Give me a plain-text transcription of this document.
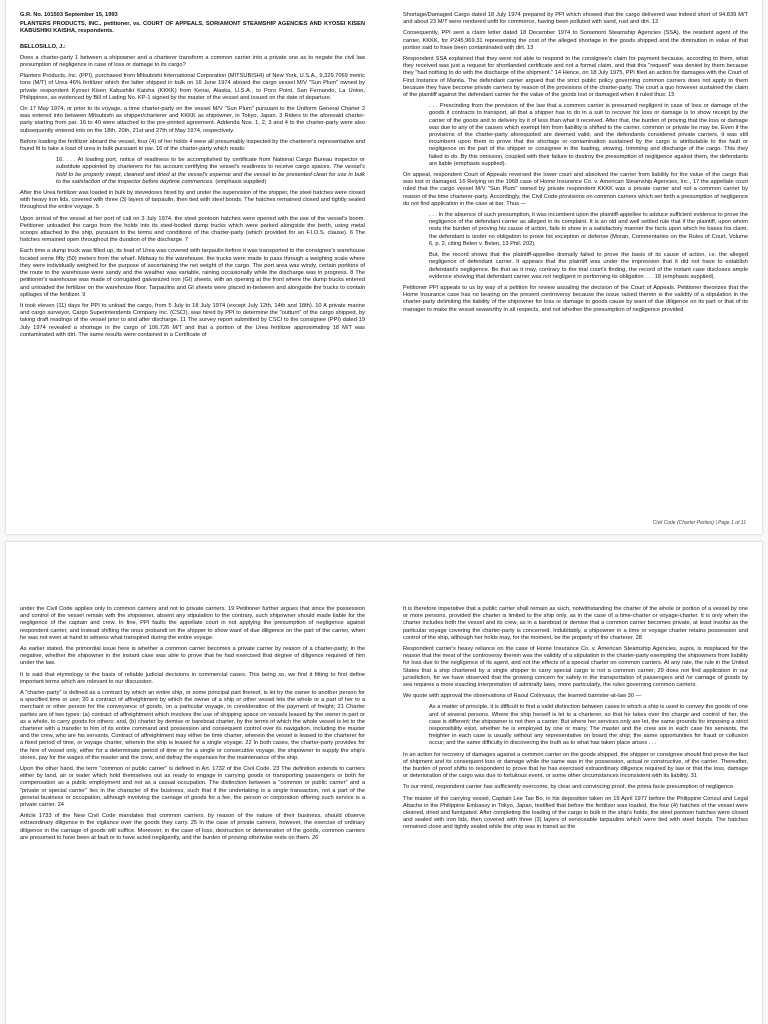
G.R. No. 101503 September 15, 1993

PLANTERS PRODUCTS, INC., petitioner, vs. COURT OF APPEALS, SORIAMONT STEAMSHIP AGENCIES AND KYOSEI KISEN KABUSHIKI KAISHA, respondents.

BELLOSILLO, J.:

Does a charter-party 1 between a shipowner and a charterer transform a common carrier into a private one as to negate the civil law presumption of negligence in case of loss or damage to its cargo?

Planters Products, Inc. (PPI), purchased from Mitsubishi International Corporation (MITSUBISHI) of New York, U.S.A., 9,329.7069 metric tons (M/T) of Urea 46% fertilizer which the latter shipped in bulk on 16 June 1974 aboard the cargo vessel M/V "Sun Plum" owned by private respondent Kyosei Kisen Kabushiki Kaisha (KKKK) from Kenai, Alaska, U.S.A., to Poro Point, San Fernando, La Union, Philippines, as evidenced by Bill of Lading No. KP-1 signed by the master of the vessel and issued on the date of departure.

On 17 May 1974, or prior to its voyage, a time charter-party on the vessel M/V "Sun Plum" pursuant to the Uniform General Charter 2 was entered into between Mitsubishi as shipper/charterer and KKKK as shipowner, in Tokyo, Japan. 3 Riders to the aforesaid charter-party starting from par. 16 to 40 were attached to the pre-printed agreement. Addenda Nos. 1, 2, 3 and 4 to the charter-party were also subsequently entered into on the 18th, 20th, 21st and 27th of May 1974, respectively.

Before loading the fertilizer aboard the vessel, four (4) of her holds 4 were all presumably inspected by the charterer's representative and found fit to take a load of urea in bulk pursuant to par. 16 of the charter-party which reads:

16. . . . At loading port, notice of readiness to be accomplished by certificate from National Cargo Bureau inspector or substitute appointed by charterers for his account certifying the vessel's readiness to receive cargo spaces. The vessel's hold to be properly swept, cleaned and dried at the vessel's expense and the vessel to be presented clean for use in bulk to the satisfaction of the inspector before daytime commences. (emphasis supplied)

After the Urea fertilizer was loaded in bulk by stevedores hired by and under the supervision of the shipper, the steel hatches were closed with heavy iron lids, covered with three (3) layers of tarpaulin, then tied with steel bonds. The hatches remained closed and tightly sealed throughout the entire voyage. 5

Upon arrival of the vessel at her port of call on 3 July 1974, the steel pontoon hatches were opened with the use of the vessel's boom. Petitioner unloaded the cargo from the holds into its steel-bodied dump trucks which were parked alongside the berth, using metal scoops attached to the ship, pursuant to the terms and conditions of the charter-party (which provided for an F.I.O.S. clause). 6 The hatches remained open throughout the duration of the discharge. 7

Each time a dump truck was filled up, its load of Urea was covered with tarpaulin before it was transported to the consignee's warehouse located some fifty (50) meters from the wharf. Midway to the warehouse, the trucks were made to pass through a weighing scale where they were individually weighed for the purpose of ascertaining the net weight of the cargo. The port area was windy, certain portions of the route to the warehouse were sandy and the weather was variable, raining occasionally while the discharge was in progress. 8 The petitioner's warehouse was made of corrugated galvanized iron (GI) sheets, with an opening at the front where the dump trucks entered and unloaded the fertilizer on the warehouse floor. Tarpaulins and GI sheets were placed in-between and alongside the trucks to contain spillages of the fertilizer. 9

It took eleven (11) days for PPI to unload the cargo, from 5 July to 18 July 1974 (except July 12th, 14th and 18th). 10 A private marine and cargo surveyor, Cargo Superintendents Company Inc. (CSCI), was hired by PPI to determine the "outturn" of the cargo shipped, by taking draft readings of the vessel prior to and after discharge. 11 The survey report submitted by CSCI to the consignee (PPI) dated 19 July 1974 revealed a shortage in the cargo of 106.726 M/T and that a portion of the Urea fertilizer approximating 18 M/T was contaminated with dirt. The same results were contained in a Certificate of

Shortage/Damaged Cargo dated 18 July 1974 prepared by PPI which showed that the cargo delivered was indeed short of 94.839 M/T and about 23 M/T were rendered unfit for commerce, having been polluted with sand, rust and dirt. 12

Consequently, PPI sent a claim letter dated 18 December 1974 to Soriamont Steamship Agencies (SSA), the resident agent of the carrier, KKKK, for P245,969.31 representing the cost of the alleged shortage in the goods shipped and the diminution in value of that portion said to have been contaminated with dirt. 13

Respondent SSA explained that they were not able to respond to the consignee's claim for payment because, according to them, what they received was just a request for shortlanded certificate and not a formal claim, and that this "request" was denied by them because they "had nothing to do with the discharge of the shipment." 14 Hence, on 18 July 1975, PPI filed an action for damages with the Court of First Instance of Manila. The defendant carrier argued that the strict public policy governing common carriers does not apply to them because they have become private carriers by reason of the provisions of the charter-party. The court a quo however sustained the claim of the plaintiff against the defendant carrier for the value of the goods lost or damaged when it ruled thus: 15

. . . Prescinding from the provision of the law that a common carrier is presumed negligent in case of loss or damage of the goods it contracts to transport, all that a shipper has to do in a suit to recover for loss or damage is to show receipt by the carrier of the goods and to delivery by it of less than what it received. After that, the burden of proving that the loss or damage was due to any of the causes which exempt him from liability is shifted to the carrier, common or private he may be. Even if the provisions of the charter-party aforequoted are deemed valid, and the defendants considered private carriers, it was still incumbent upon them to prove that the shortage or contamination sustained by the cargo is attributable to the fault or negligence on the part of the shipper or consignee in the loading, stowing, trimming and discharge of the cargo. This they failed to do. By this omission, coupled with their failure to destroy the presumption of negligence against them, the defendants are liable (emphasis supplied).

On appeal, respondent Court of Appeals reversed the lower court and absolved the carrier from liability for the value of the cargo that was lost or damaged. 16 Relying on the 1968 case of Home Insurance Co. v. American Steamship Agencies, Inc., 17 the appellate court ruled that the cargo vessel M/V "Sun Plum" owned by private respondent KKKK was a private carrier and not a common carrier by reason of the time charterer-party. Accordingly, the Civil Code provisions on common carriers which set forth a presumption of negligence do not find application in the case at bar. Thus —

. . . In the absence of such presumption, it was incumbent upon the plaintiff-appellee to adduce sufficient evidence to prove the negligence of the defendant carrier as alleged in its complaint. It is an old and well settled rule that if the plaintiff, upon whom rests the burden of proving his cause of action, fails to show in a satisfactory manner the facts upon which he bases his claim, the defendant is under no obligation to prove his exception or defense (Moran, Commentaries on the Rules of Court, Volume 6, p. 2, citing Belen v. Belen, 13 Phil. 202).

But, the record shows that the plaintiff-appellee dismally failed to prove the basis of its cause of action, i.e. the alleged negligence of defendant carrier. It appears that the plaintiff was under the impression that it did not have to establish defendant's negligence. Be that as it may, contrary to the trial court's finding, the record of the instant case discloses ample evidence showing that defendant carrier was not negligent in performing its obligation . . . 18 (emphasis supplied).

Petitioner PPI appeals to us by way of a petition for review assailing the decision of the Court of Appeals. Petitioner theorizes that the Home Insurance case has no bearing on the present controversy because the issue raised therein is the validity of a stipulation in the charter-party delimiting the liability of the shipowner for loss or damage to goods cause by want of due diligence on its part or that of its manager to make the vessel seaworthy in all respects, and not whether the presumption of negligence provided

Civil Code (Charter Parties) | Page 1 of 11

under the Civil Code applies only to common carriers and not to private carriers. 19 Petitioner further argues that since the possession and control of the vessel remain with the shipowner, absent any stipulation to the contrary, such shipowner should made liable for the negligence of the captain and crew. In fine, PPI faults the appellate court in not applying the presumption of negligence against respondent carrier, and instead shifting the onus probandi on the shipper to show want of due diligence on the part of the carrier, when he was not even at hand to witness what transpired during the entire voyage.

As earlier stated, the primordial issue here is whether a common carrier becomes a private carrier by reason of a charter-party; in the negative, whether the shipowner in the instant case was able to prove that he had exercised that degree of diligence required of him under the law.

It is said that etymology is the basis of reliable judicial decisions in commercial cases. This being so, we find it fitting to first define important terms which are relevant to our discussion.

A "charter-party" is defined as a contract by which an entire ship, or some principal part thereof, is let by the owner to another person for a specified time or use; 20 a contract of affreightment by which the owner of a ship or other vessel lets the whole or a part of her to a merchant or other person for the conveyance of goods, on a particular voyage, in consideration of the payment of freight; 21 Charter parties are of two types: (a) contract of affreightment which involves the use of shipping space on vessels leased by the owner in part or as a whole, to carry goods for others; and, (b) charter by demise or bareboat charter, by the terms of which the whole vessel is let to the charterer with a transfer to him of its entire command and possession and consequent control over its navigation, including the master and the crew, who are his servants. Contract of affreightment may either be time charter, wherein the vessel is leased to the charterer for a fixed period of time, or voyage charter, wherein the ship is leased for a single voyage. 22 In both cases, the charter-party provides for the hire of vessel only, either for a determinate period of time or for a single or consecutive voyage, the shipowner to supply the ship's stores, pay for the wages of the master and the crew, and defray the expenses for the maintenance of the ship.

Upon the other hand, the term "common or public carrier" is defined in Art. 1732 of the Civil Code. 23 The definition extends to carriers either by land, air or water which hold themselves out as ready to engage in carrying goods or transporting passengers or both for compensation as a public employment and not as a casual occupation. The distinction between a "common or public carrier" and a "private or special carrier" lies in the character of the business, such that if the undertaking is a single transaction, not a part of the general business or occupation, although involving the carriage of goods for a fee, the person or corporation offering such service is a private carrier. 24

Article 1733 of the New Civil Code mandates that common carriers, by reason of the nature of their business, should observe extraordinary diligence in the vigilance over the goods they carry. 25 In the case of private carriers, however, the exercise of ordinary diligence in the carriage of goods will suffice. Moreover, in the case of loss, destruction or deterioration of the goods, common carriers are presumed to have been at fault or to have acted negligently, and the burden of proving otherwise rests on them. 26

It is therefore imperative that a public carrier shall remain as such, notwithstanding the charter of the whole or portion of a vessel by one or more persons, provided the charter is limited to the ship only, as in the case of a time-charter or voyage-charter. It is only when the charter includes both the vessel and its crew, as in a bareboat or demise that a common carrier becomes private, at least insofar as the particular voyage covering the charter-party is concerned. Indubitably, a shipowner in a time or voyage charter retains possession and control of the ship, although her holds may, for the moment, be the property of the charterer. 28

Respondent carrier's heavy reliance on the case of Home Insurance Co. v. American Steamship Agencies, supra, is misplaced for the reason that the meat of the controversy therein was the validity of a stipulation in the charter-party exempting the shipowners from liability for loss due to the negligence of its agent, and not the effects of a special charter on common carriers. At any rate, the rule in the United States that a ship chartered by a single shipper to carry special cargo is not a common carrier, 29 does not find application in our jurisdiction, for we have observed that the growing concern for safety in the transportation of passengers and /or carriage of goods by sea requires a more exacting interpretation of admiralty laws, more particularly, the rules governing common carriers.

We quote with approval the observations of Raoul Colinvaux, the learned barrister-at-law 30 —

As a matter of principle, it is difficult to find a valid distinction between cases in which a ship is used to convey the goods of one and of several persons. Where the ship herself is let to a charterer, so that he takes over the charge and control of her, the case is different; the shipowner is not then a carrier. But where her services only are let, the same grounds for imposing a strict responsibility exist, whether he is employed by one or many. The master and the crew are in each case his servants, the freighter in each case is usually without any representative on board the ship; the same opportunities for fraud or collusion occur; and the same difficulty in discovering the truth as to what has taken place arises . . .

In an action for recovery of damages against a common carrier on the goods shipped, the shipper or consignee should first prove the fact of shipment and its consequent loss or damage while the same was in the possession, actual or constructive, of the carrier. Thereafter, the burden of proof shifts to respondent to prove that he has exercised extraordinary diligence required by law or that the loss, damage or deterioration of the cargo was due to fortuitous event, or some other circumstances inconsistent with its liability. 31

To our mind, respondent carrier has sufficiently overcome, by clear and convincing proof, the prima facie presumption of negligence.

The master of the carrying vessel, Captain Lee Tae Bo, in his deposition taken on 19 April 1977 before the Philippine Consul and Legal Attache in the Philippine Embassy in Tokyo, Japan, testified that before the fertilizer was loaded, the four (4) hatches of the vessel were cleaned, dried and fumigated. After completing the loading of the cargo in bulk in the ship's holds, the steel pontoon hatches were closed and sealed with iron lids, then covered with three (3) layers of serviceable tarpaulins which were tied with steel bonds. The hatches remained close and tightly sealed while the ship was in transit as the
